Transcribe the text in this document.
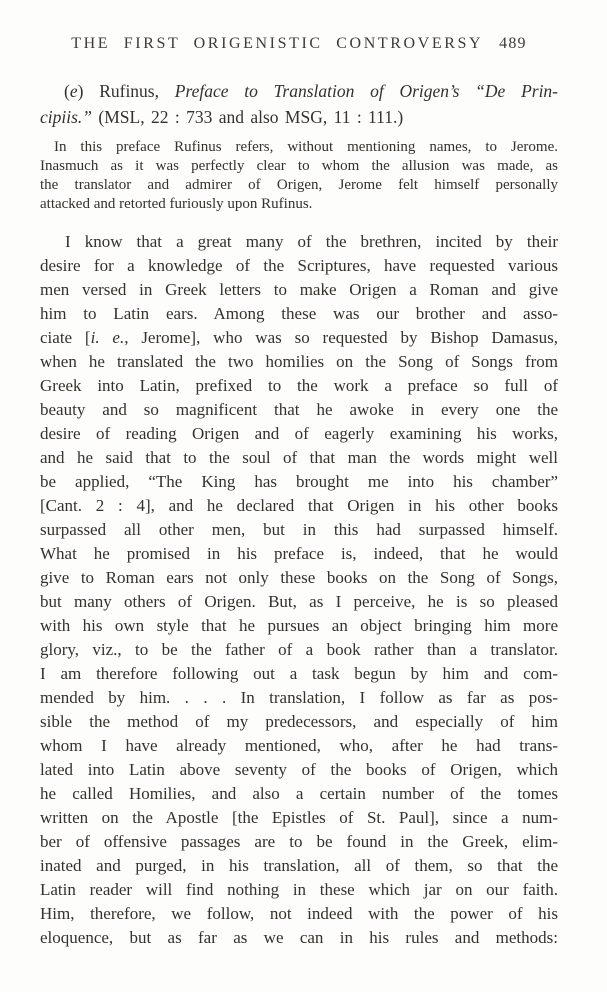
THE FIRST ORIGENISTIC CONTROVERSY 489
(e) Rufinus, Preface to Translation of Origen’s “De Prin-
cipiis.” (MSL, 22 : 733 and also MSG, 11 : 111.)
In this preface Rufinus refers, without mentioning names, to Jerome.
Inasmuch as it was perfectly clear to whom the allusion was made, as
the translator and admirer of Origen, Jerome felt himself personally
attacked and retorted furiously upon Rufinus.
I know that a great many of the brethren, incited by their
desire for a knowledge of the Scriptures, have requested various
men versed in Greek letters to make Origen a Roman and give
him to Latin ears. Among these was our brother and asso-
ciate [i. e., Jerome], who was so requested by Bishop Damasus,
when he translated the two homilies on the Song of Songs from
Greek into Latin, prefixed to the work a preface so full of
beauty and so magnificent that he awoke in every one the
desire of reading Origen and of eagerly examining his works,
and he said that to the soul of that man the words might well
be applied, “The King has brought me into his chamber”
[Cant. 2 : 4], and he declared that Origen in his other books
surpassed all other men, but in this had surpassed himself.
What he promised in his preface is, indeed, that he would
give to Roman ears not only these books on the Song of Songs,
but many others of Origen. But, as I perceive, he is so pleased
with his own style that he pursues an object bringing him more
glory, viz., to be the father of a book rather than a translator.
I am therefore following out a task begun by him and com-
mended by him. . . . In translation, I follow as far as pos-
sible the method of my predecessors, and especially of him
whom I have already mentioned, who, after he had trans-
lated into Latin above seventy of the books of Origen, which
he called Homilies, and also a certain number of the tomes
written on the Apostle [the Epistles of St. Paul], since a num-
ber of offensive passages are to be found in the Greek, elim-
inated and purged, in his translation, all of them, so that the
Latin reader will find nothing in these which jar on our faith.
Him, therefore, we follow, not indeed with the power of his
eloquence, but as far as we can in his rules and methods:
